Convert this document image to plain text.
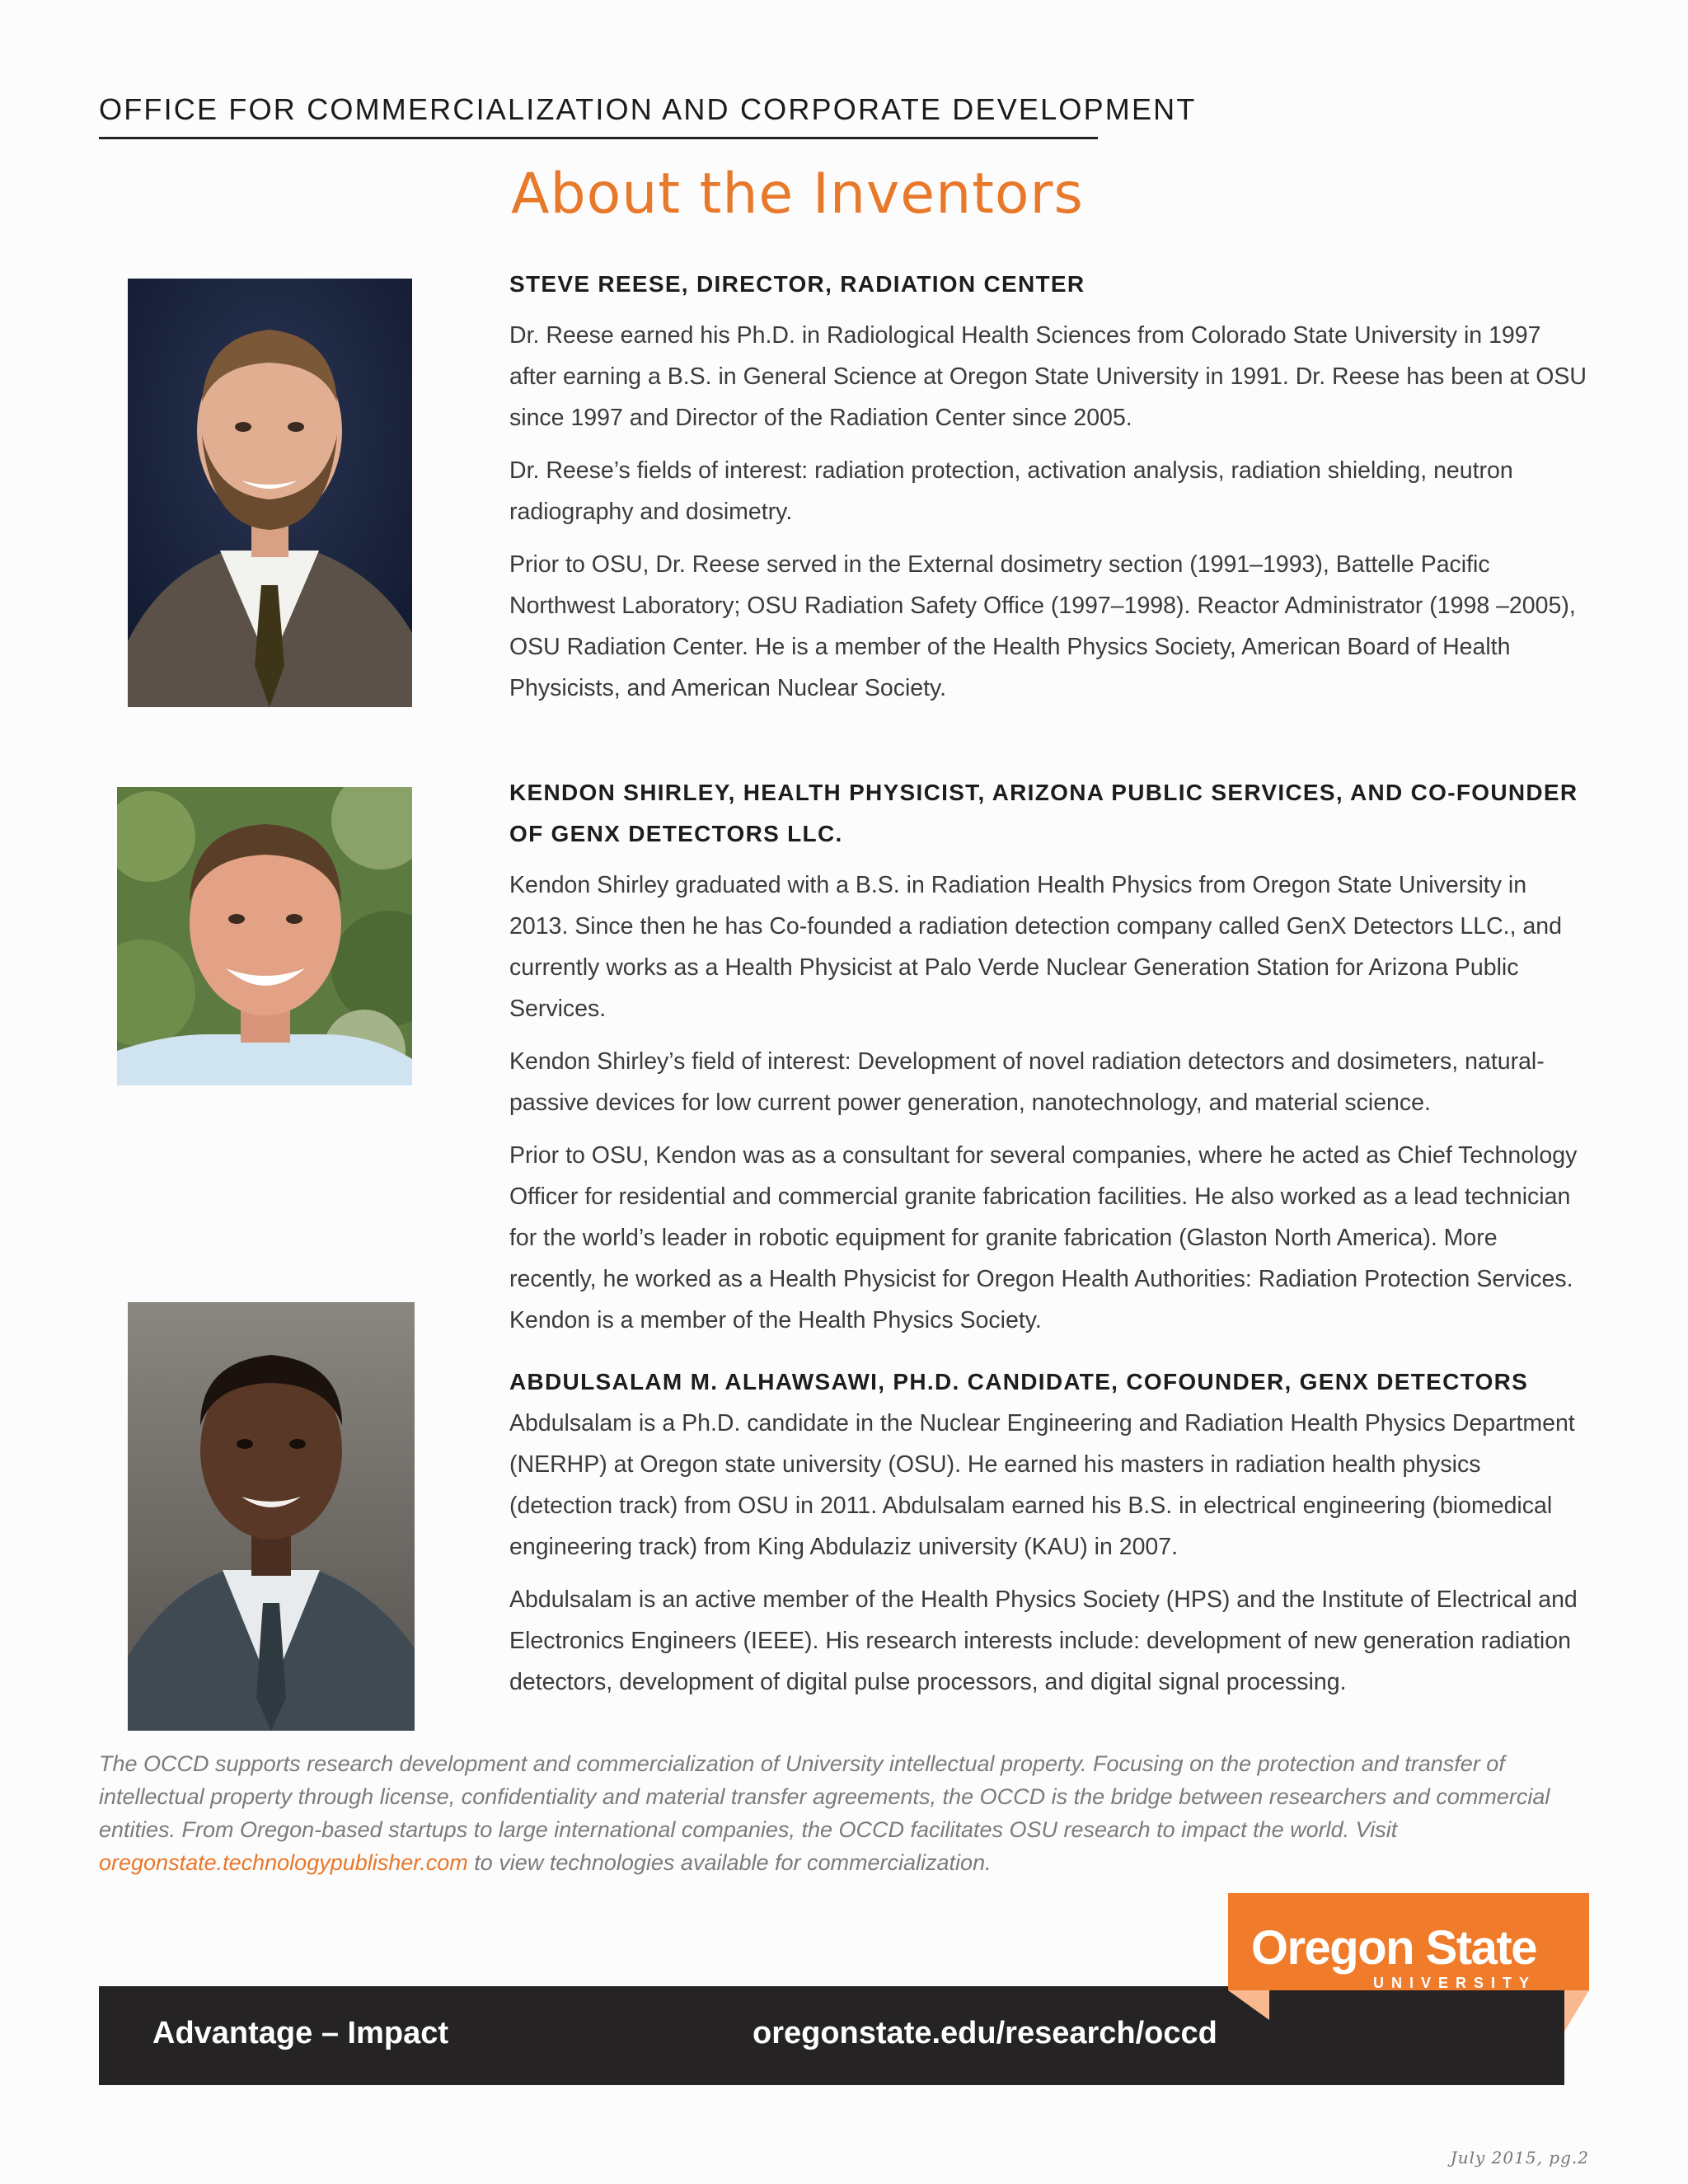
OFFICE FOR COMMERCIALIZATION AND CORPORATE DEVELOPMENT
About the Inventors
STEVE REESE, DIRECTOR, RADIATION CENTER

Dr. Reese earned his Ph.D. in Radiological Health Sciences from Colorado State University in 1997 after earning a B.S. in General Science at Oregon State University in 1991. Dr. Reese has been at OSU since 1997 and Director of the Radiation Center since 2005.

Dr. Reese’s fields of interest: radiation protection, activation analysis, radiation shielding, neutron radiography and dosimetry.

Prior to OSU, Dr. Reese served in the External dosimetry section (1991–1993), Battelle Pacific Northwest Laboratory; OSU Radiation Safety Office (1997–1998). Reactor Administrator (1998 –2005), OSU Radiation Center. He is a member of the Health Physics Society, American Board of Health Physicists, and American Nuclear Society.

KENDON SHIRLEY, HEALTH PHYSICIST, ARIZONA PUBLIC SERVICES, AND CO-FOUNDER OF GENX DETECTORS LLC.

Kendon Shirley graduated with a B.S. in Radiation Health Physics from Oregon State University in 2013. Since then he has Co-founded a radiation detection company called GenX Detectors LLC., and currently works as a Health Physicist at Palo Verde Nuclear Generation Station for Arizona Public Services.

Kendon Shirley’s field of interest: Development of novel radiation detectors and dosimeters, natural-passive devices for low current power generation, nanotechnology, and material science.

Prior to OSU, Kendon was as a consultant for several companies, where he acted as Chief Technology Officer for residential and commercial granite fabrication facilities. He also worked as a lead technician for the world’s leader in robotic equipment for granite fabrication (Glaston North America). More recently, he worked as a Health Physicist for Oregon Health Authorities: Radiation Protection Services. Kendon is a member of the Health Physics Society.

ABDULSALAM M. ALHAWSAWI, PH.D. CANDIDATE, COFOUNDER, GENX DETECTORS

Abdulsalam is a Ph.D. candidate in the Nuclear Engineering and Radiation Health Physics Department (NERHP) at Oregon state university (OSU). He earned his masters in radiation health physics (detection track) from OSU in 2011. Abdulsalam earned his B.S. in electrical engineering (biomedical engineering track) from King Abdulaziz university (KAU) in 2007.

Abdulsalam is an active member of the Health Physics Society (HPS) and the Institute of Electrical and Electronics Engineers (IEEE). His research interests include: development of new generation radiation detectors, development of digital pulse processors, and digital signal processing.

The OCCD supports research development and commercialization of University intellectual property. Focusing on the protection and transfer of intellectual property through license, confidentiality and material transfer agreements, the OCCD is the bridge between researchers and commercial entities. From Oregon-based startups to large international companies, the OCCD facilitates OSU research to impact the world. Visit oregonstate.technologypublisher.com to view technologies available for commercialization.
Advantage – Impact	oregonstate.edu/research/occd
Oregon State
UNIVERSITY
July 2015, pg.2
